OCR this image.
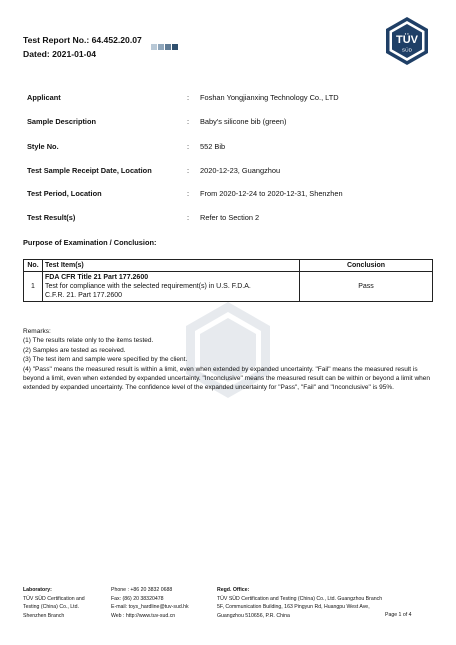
Test Report No.: 64.452.20.07
Dated: 2021-01-04
TÜV
SÜD
Applicant	: Foshan Yongjianxing Technology Co., LTD
Sample Description	: Baby's silicone bib (green)
Style No.	: 552 Bib
Test Sample Receipt Date, Location	: 2020-12-23, Guangzhou
Test Period, Location	: From 2020-12-24 to 2020-12-31, Shenzhen
Test Result(s)	: Refer to Section 2
Purpose of Examination / Conclusion:
No.	Test Item(s)	Conclusion
1	FDA CFR Title 21 Part 177.2600
Test for compliance with the selected requirement(s) in U.S. F.D.A.
C.F.R. 21. Part 177.2600	Pass
Remarks:
(1) The results relate only to the items tested.
(2) Samples are tested as received.
(3) The test item and sample were specified by the client.
(4) "Pass" means the measured result is within a limit, even when extended by expanded uncertainty. "Fail" means the measured result is beyond a limit, even when extended by expanded uncertainty. "Inconclusive" means the measured result can be within or beyond a limit when extended by expanded uncertainty. The confidence level of the expanded uncertainty for "Pass", "Fail" and "Inconclusive" is 95%.
Laboratory:
TÜV SÜD Certification and
Testing (China) Co., Ltd.
Shenzhen Branch
Phone : +86 20 3832 0688
Fax: (86) 20 38320478
E-mail: toys_hardline@tuv-sud.hk
Web : http://www.tuv-sud.cn
Regd. Office:
TÜV SÜD Certification and Testing (China) Co., Ltd. Guangzhou Branch
5F, Communication Building, 163 Pingyun Rd, Huangpu West Ave,
Guangzhou 510656, P.R. China	Page 1 of 4
